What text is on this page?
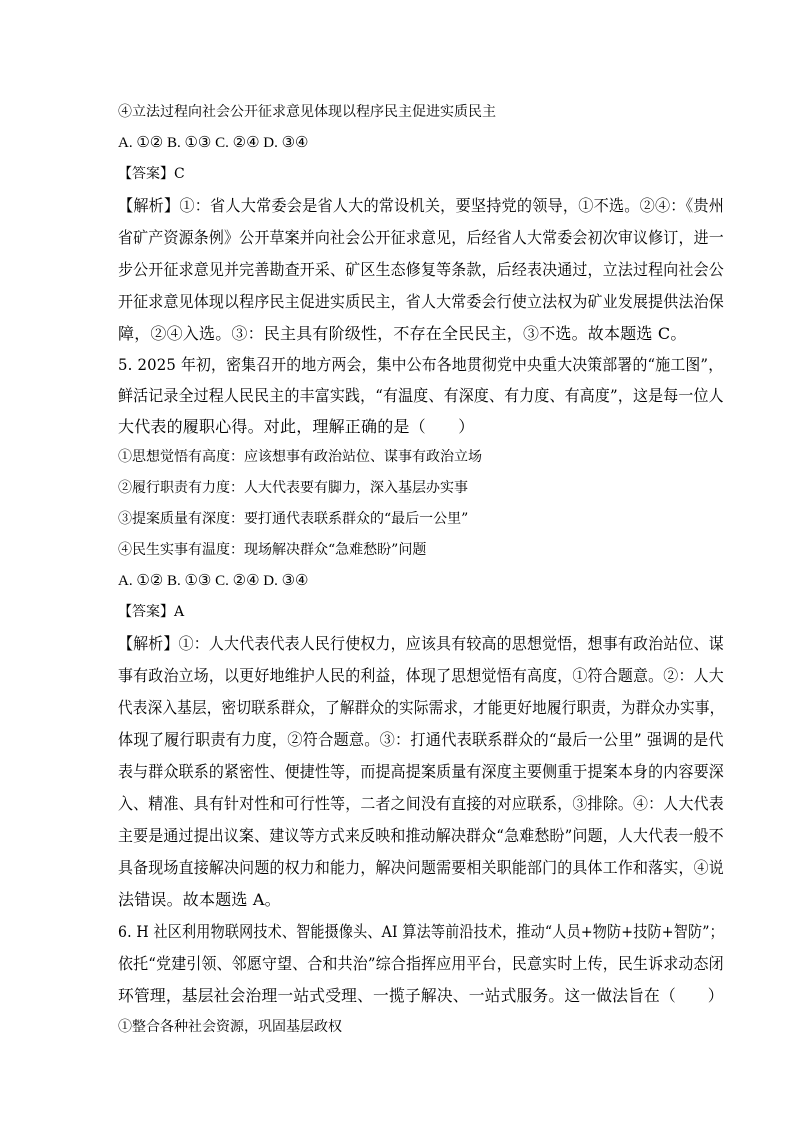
④立法过程向社会公开征求意见体现以程序民主促进实质民主
A. ①② B. ①③ C. ②④ D. ③④
【答案】C
【解析】①：省人大常委会是省人大的常设机关，要坚持党的领导，①不选。②④：《贵州
省矿产资源条例》公开草案并向社会公开征求意见，后经省人大常委会初次审议修订，进一
步公开征求意见并完善勘查开采、矿区生态修复等条款，后经表决通过，立法过程向社会公
开征求意见体现以程序民主促进实质民主，省人大常委会行使立法权为矿业发展提供法治保
障，②④入选。③：民主具有阶级性，不存在全民民主，③不选。故本题选 C。
5. 2025 年初，密集召开的地方两会，集中公布各地贯彻党中央重大决策部署的“施工图”，
鲜活记录全过程人民民主的丰富实践，“有温度、有深度、有力度、有高度”，这是每一位人
大代表的履职心得。对此，理解正确的是（　　）
①思想觉悟有高度：应该想事有政治站位、谋事有政治立场
②履行职责有力度：人大代表要有脚力，深入基层办实事
③提案质量有深度：要打通代表联系群众的“最后一公里”
④民生实事有温度：现场解决群众“急难愁盼”问题
A. ①② B. ①③ C. ②④ D. ③④
【答案】A
【解析】①：人大代表代表人民行使权力，应该具有较高的思想觉悟，想事有政治站位、谋
事有政治立场，以更好地维护人民的利益，体现了思想觉悟有高度，①符合题意。②：人大
代表深入基层，密切联系群众，了解群众的实际需求，才能更好地履行职责，为群众办实事，
体现了履行职责有力度，②符合题意。③：打通代表联系群众的“最后一公里” 强调的是代
表与群众联系的紧密性、便捷性等，而提高提案质量有深度主要侧重于提案本身的内容要深
入、精准、具有针对性和可行性等，二者之间没有直接的对应联系，③排除。④：人大代表
主要是通过提出议案、建议等方式来反映和推动解决群众“急难愁盼”问题，人大代表一般不
具备现场直接解决问题的权力和能力，解决问题需要相关职能部门的具体工作和落实，④说
法错误。故本题选 A。
6. H 社区利用物联网技术、智能摄像头、AI 算法等前沿技术，推动“人员+物防+技防+智防”；
依托“党建引领、邻愿守望、合和共治”综合指挥应用平台，民意实时上传，民生诉求动态闭
环管理，基层社会治理一站式受理、一揽子解决、一站式服务。这一做法旨在（　　）
①整合各种社会资源，巩固基层政权
